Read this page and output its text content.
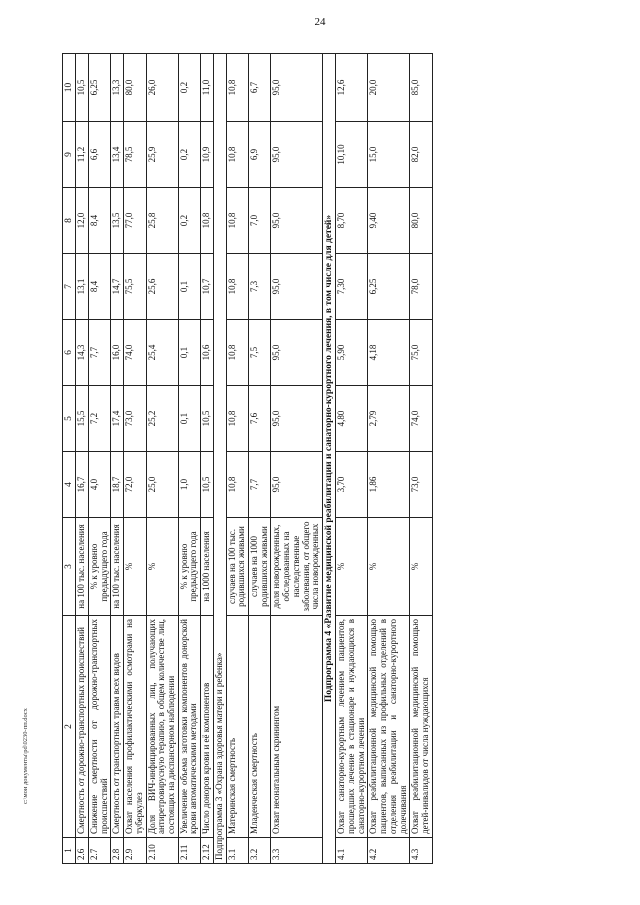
24
1	2	3	4	5	6	7	8	9	10
2.6	Смертность от дорожно-транспортных происшествий	на 100 тыс. населения	16,7	15,5	14,3	13,1	12,0	11,2	10,5
2.7	Снижение смертности от дорожно-транспортных происшествий	% к уровню предыдущего года	4,0	7,2	7,7	8,4	8,4	6,6	6,25
2.8	Смертность от транспортных травм всех видов	на 100 тыс. населения	18,7	17,4	16,0	14,7	13,5	13,4	13,3
2.9	Охват населения профилактическими осмотрами на туберкулез	%	72,0	73,0	74,0	75,5	77,0	78,5	80,0
2.10	Доля ВИЧ-инфицированных лиц, получающих антиретровирусную терапию, в общем количестве лиц, состоящих на диспансерном наблюдении	%	25,0	25,2	25,4	25,6	25,8	25,9	26,0
2.11	Увеличение объема заготовки компонентов донорской крови автоматическими методами	% к уровню предыдущего года	1,0	0,1	0,1	0,1	0,2	0,2	0,2
2.12	Число доноров крови и её компонентов	на 1000 населения	10,5	10,5	10,6	10,7	10,8	10,9	11,0
Подпрограмма 3 «Охрана здоровья матери и ребенка»									
3.1	Материнская смертность	случаев на 100 тыс. родившихся живыми	10,8	10,8	10,8	10,8	10,8	10,8	10,8
3.2	Младенческая смертность	случаев на 1000 родившихся живыми	7,7	7,6	7,5	7,3	7,0	6,9	6,7
3.3	Охват неонатальным скринингом	доля новорожденных, обследованных на наследственные заболевания, от общего числа новорожденных	95,0	95,0	95,0	95,0	95,0	95,0	95,0
Подпрограмма 4 «Развитие медицинской реабилитации и санаторно-курортного лечения, в том числе для детей»									
4.1	Охват санаторно-курортным лечением пациентов, прошедших лечение в стационаре и нуждающихся в санаторно-курортном лечении	%	3,70	4,80	5,90	7,30	8,70	10,10	12,6
4.2	Охват реабилитационной медицинской помощью пациентов, выписанных из профильных отделений в отделения реабилитации и санаторно-курортного долечивания	%	1,86	2,79	4,18	6,25	9,40	15,0	20,0
4.3	Охват реабилитационной медицинской помощью детей-инвалидов от числа нуждающихся	%	73,0	74,0	75,0	78,0	80,0	82,0	85,0
c:\мои документы\pd\0230-пп.docx
